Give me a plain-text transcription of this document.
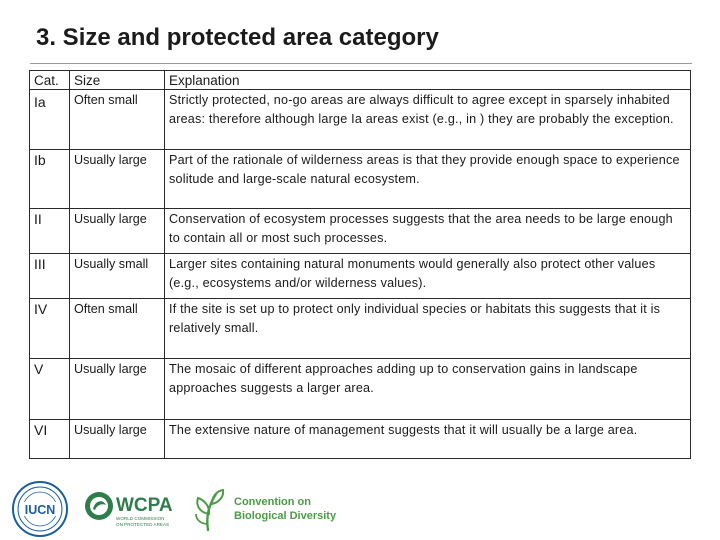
3. Size and protected area category
Cat.	Size	Explanation

Ia	Often small	Strictly protected, no-go areas are always difficult to agree except in sparsely inhabited areas: therefore although large Ia areas exist (e.g., in ) they are probably the exception.
Ib	Usually large	Part of the rationale of wilderness areas is that they provide enough space to experience solitude and large-scale natural ecosystem.
II	Usually large	Conservation of ecosystem processes suggests that the area needs to be large enough to contain all or most such processes.
III	Usually small	Larger sites containing natural monuments would generally also protect other values (e.g., ecosystems and/or wilderness values).
IV	Often small	If the site is set up to protect only individual species or habitats this suggests that it is relatively small.
V	Usually large	The mosaic of different approaches adding up to conservation gains in landscape approaches suggests a larger area.
VI	Usually large	The extensive nature of management suggests that it will usually be a large area.
IUCN	WCPA
WORLD COMMISSION
ON PROTECTED AREAS
Convention on
Biological Diversity
